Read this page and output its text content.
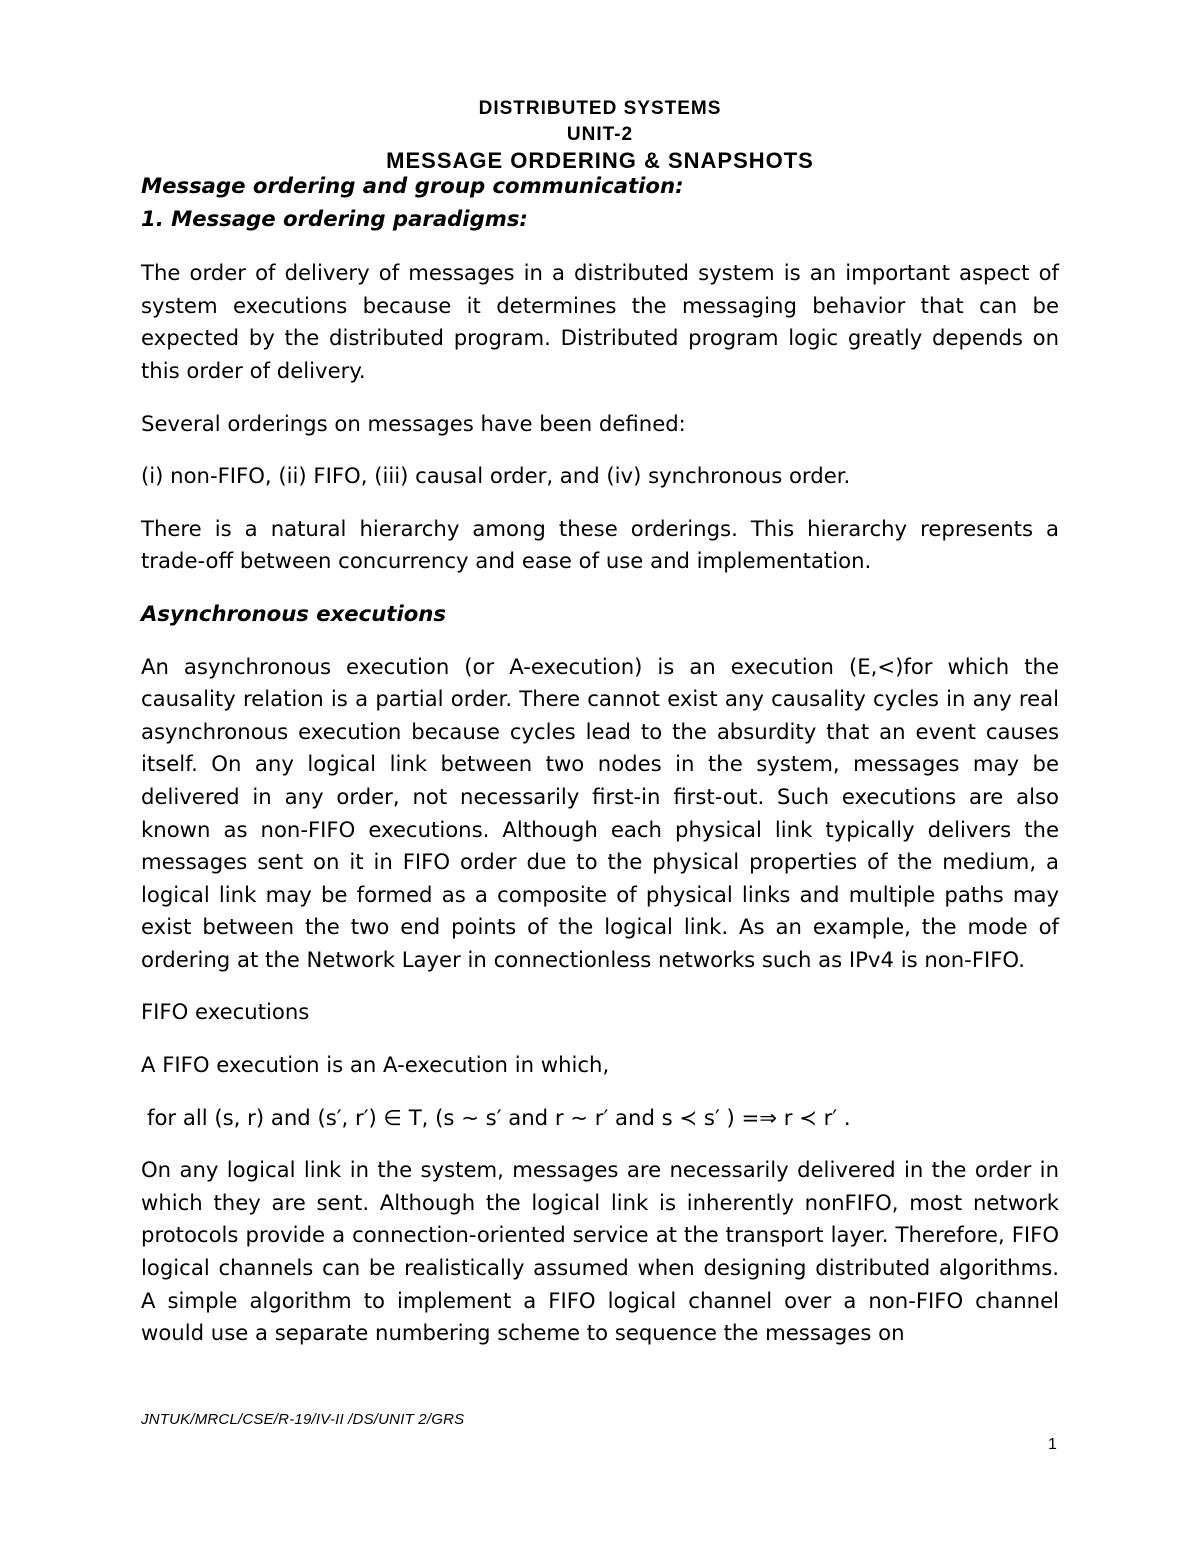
DISTRIBUTED SYSTEMS
UNIT-2
MESSAGE ORDERING & SNAPSHOTS

Message ordering and group communication:

1. Message ordering paradigms:

The order of delivery of messages in a distributed system is an important aspect of system executions because it determines the messaging behavior that can be expected by the distributed program. Distributed program logic greatly depends on this order of delivery.

Several orderings on messages have been defined:

(i) non-FIFO, (ii) FIFO, (iii) causal order, and (iv) synchronous order.

There is a natural hierarchy among these orderings. This hierarchy represents a trade-off between concurrency and ease of use and implementation.

Asynchronous executions

An asynchronous execution (or A-execution) is an execution (E,<)for which the causality relation is a partial order. There cannot exist any causality cycles in any real asynchronous execution because cycles lead to the absurdity that an event causes itself. On any logical link between two nodes in the system, messages may be delivered in any order, not necessarily first-in first-out. Such executions are also known as non-FIFO executions. Although each physical link typically delivers the messages sent on it in FIFO order due to the physical properties of the medium, a logical link may be formed as a composite of physical links and multiple paths may exist between the two end points of the logical link. As an example, the mode of ordering at the Network Layer in connectionless networks such as IPv4 is non-FIFO.

FIFO executions

A FIFO execution is an A-execution in which,

for all (s, r) and (s′, r′) ∈ T, (s ∼ s′ and r ∼ r′ and s ≺ s′ ) =⇒ r ≺ r′ .

On any logical link in the system, messages are necessarily delivered in the order in which they are sent. Although the logical link is inherently nonFIFO, most network protocols provide a connection-oriented service at the transport layer. Therefore, FIFO logical channels can be realistically assumed when designing distributed algorithms. A simple algorithm to implement a FIFO logical channel over a non-FIFO channel would use a separate numbering scheme to sequence the messages on

JNTUK/MRCL/CSE/R-19/IV-II /DS/UNIT 2/GRS
1
